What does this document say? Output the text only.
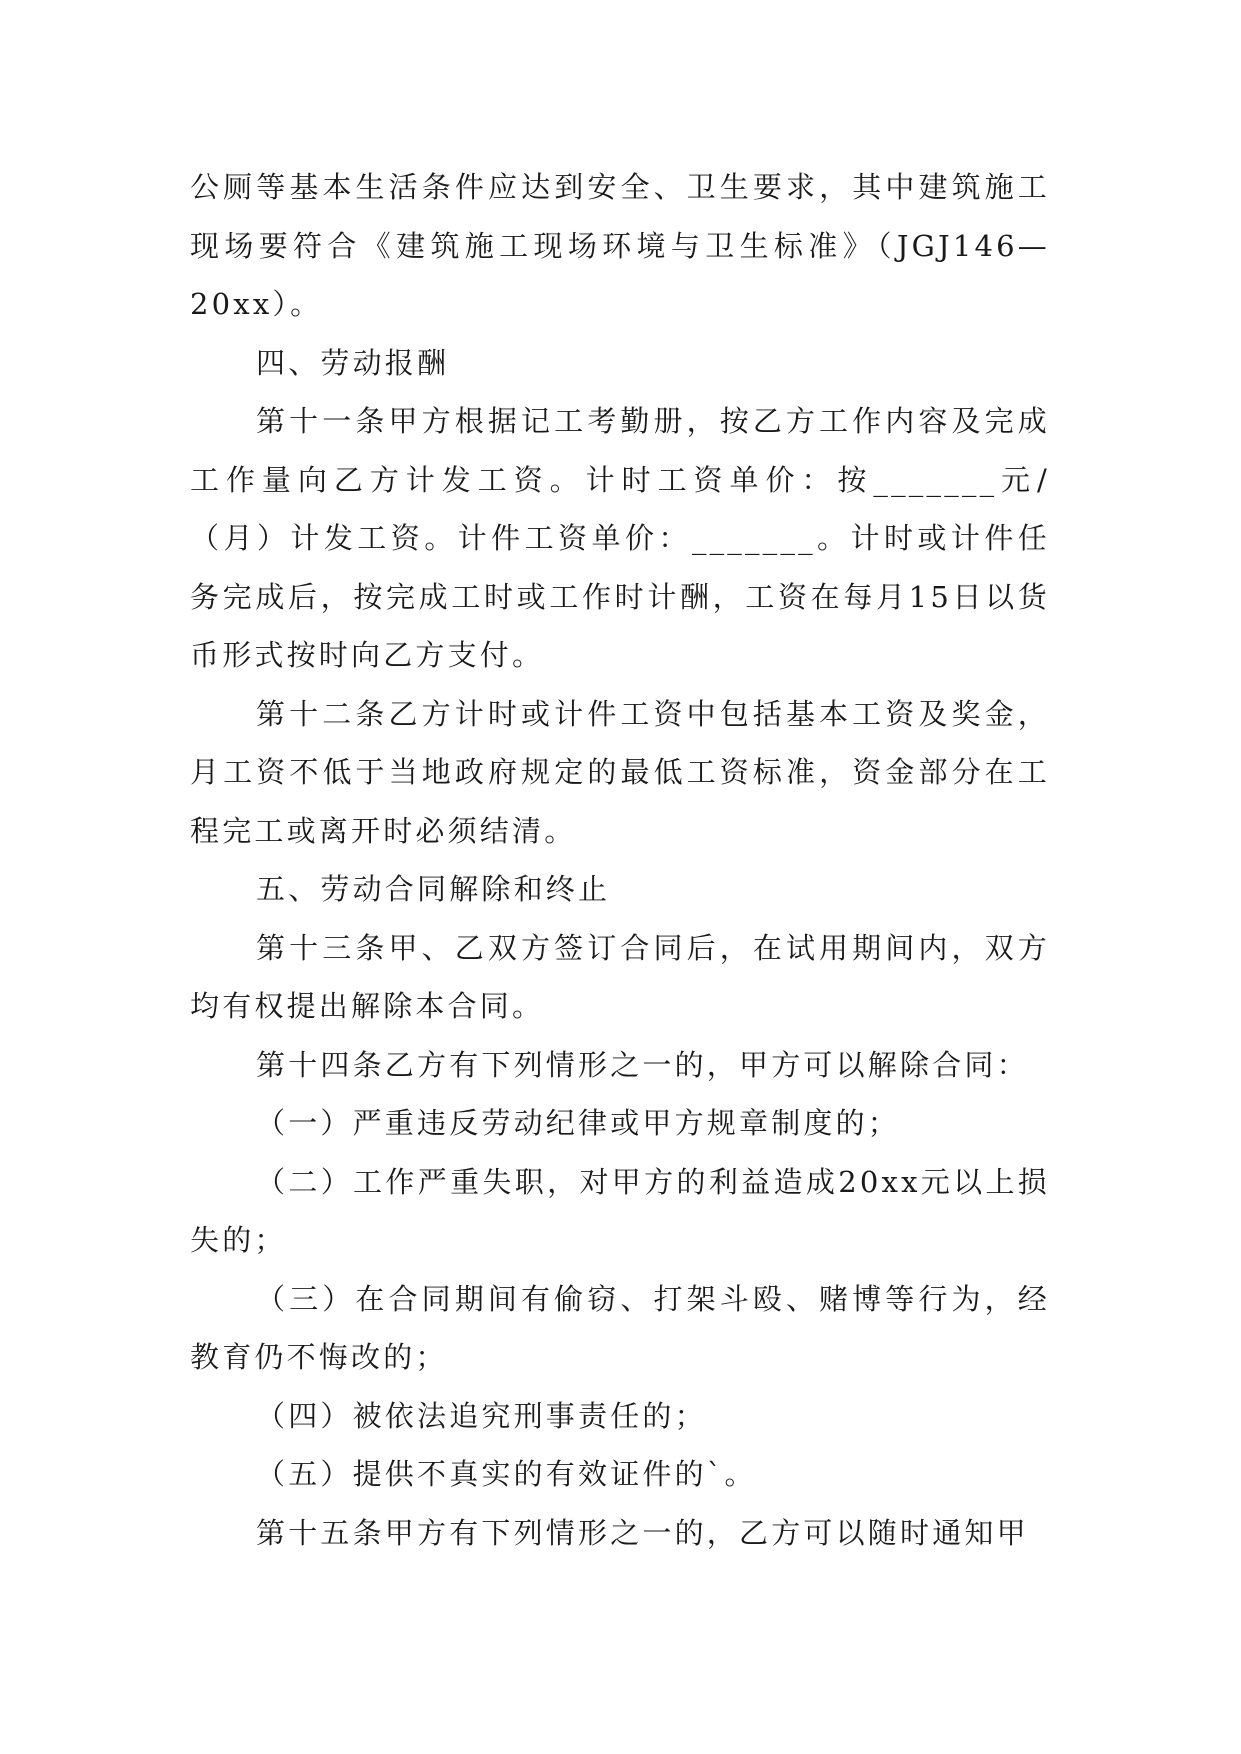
公厕等基本生活条件应达到安全、卫生要求，其中建筑施工现场要符合《建筑施工现场环境与卫生标准》（JGJ146—20xx）。

四、劳动报酬

第十一条甲方根据记工考勤册，按乙方工作内容及完成工作量向乙方计发工资。计时工资单价：按_______元/（月）计发工资。计件工资单价：_______。计时或计件任务完成后，按完成工时或工作时计酬，工资在每月15日以货币形式按时向乙方支付。

第十二条乙方计时或计件工资中包括基本工资及奖金，月工资不低于当地政府规定的最低工资标准，资金部分在工程完工或离开时必须结清。

五、劳动合同解除和终止

第十三条甲、乙双方签订合同后，在试用期间内，双方均有权提出解除本合同。

第十四条乙方有下列情形之一的，甲方可以解除合同：

（一）严重违反劳动纪律或甲方规章制度的；

（二）工作严重失职，对甲方的利益造成20xx元以上损失的；

（三）在合同期间有偷窃、打架斗殴、赌博等行为，经教育仍不悔改的；

（四）被依法追究刑事责任的；

（五）提供不真实的有效证件的`。

第十五条甲方有下列情形之一的，乙方可以随时通知甲
